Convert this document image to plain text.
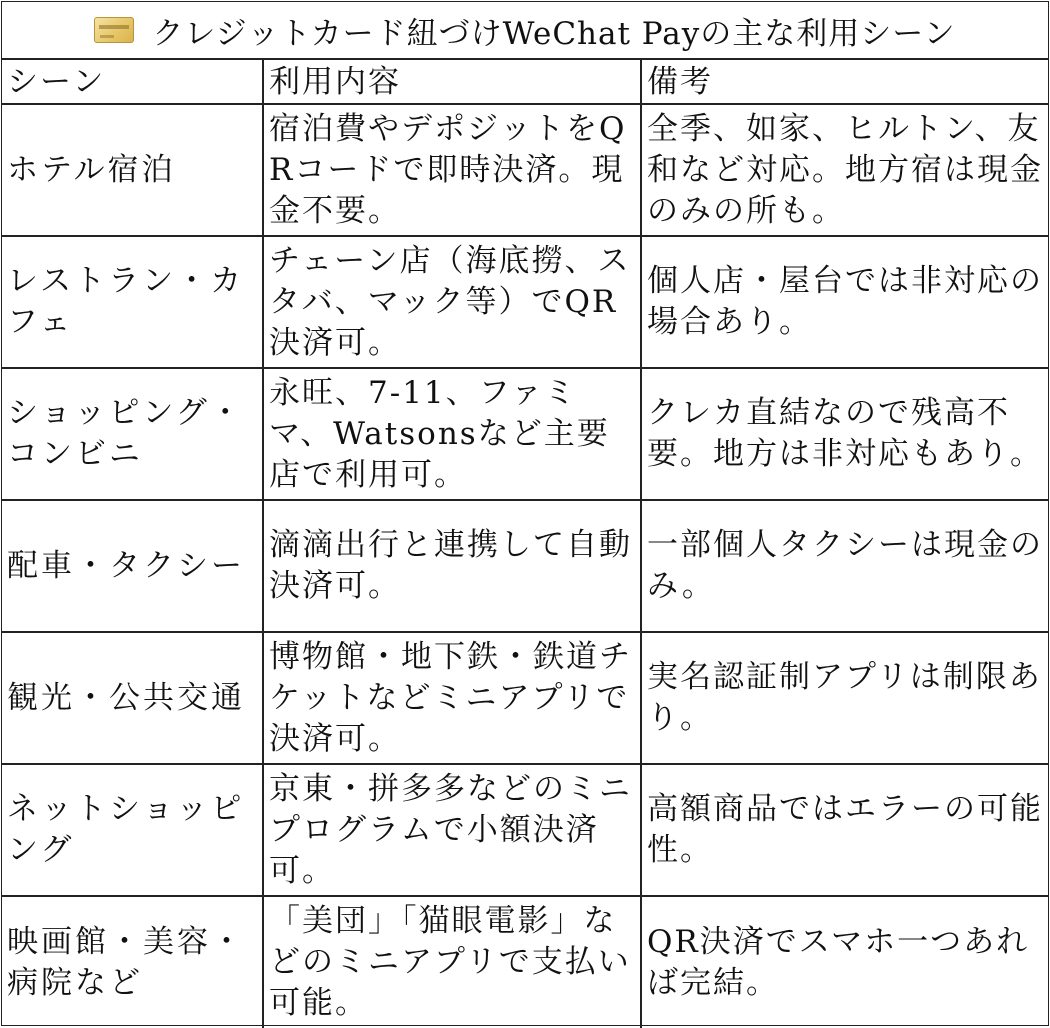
クレジットカード紐づけWeChat Payの主な利用シーン
シーン	利用内容	備考
ホテル宿泊	宿泊費やデポジットをQRコードで即時決済。現金不要。	全季、如家、ヒルトン、友和など対応。地方宿は現金のみの所も。
レストラン・カフェ	チェーン店（海底撈、スタバ、マック等）でQR決済可。	個人店・屋台では非対応の場合あり。
ショッピング・コンビニ	永旺、7-11、ファミマ、Watsonsなど主要店で利用可。	クレカ直結なので残高不要。地方は非対応もあり。
配車・タクシー	滴滴出行と連携して自動決済可。	一部個人タクシーは現金のみ。
観光・公共交通	博物館・地下鉄・鉄道チケットなどミニアプリで決済可。	実名認証制アプリは制限あり。
ネットショッピング	京東・拼多多などのミニプログラムで小額決済可。	高額商品ではエラーの可能性。
映画館・美容・病院など	「美団」「猫眼電影」などのミニアプリで支払い可能。	QR決済でスマホ一つあれば完結。
